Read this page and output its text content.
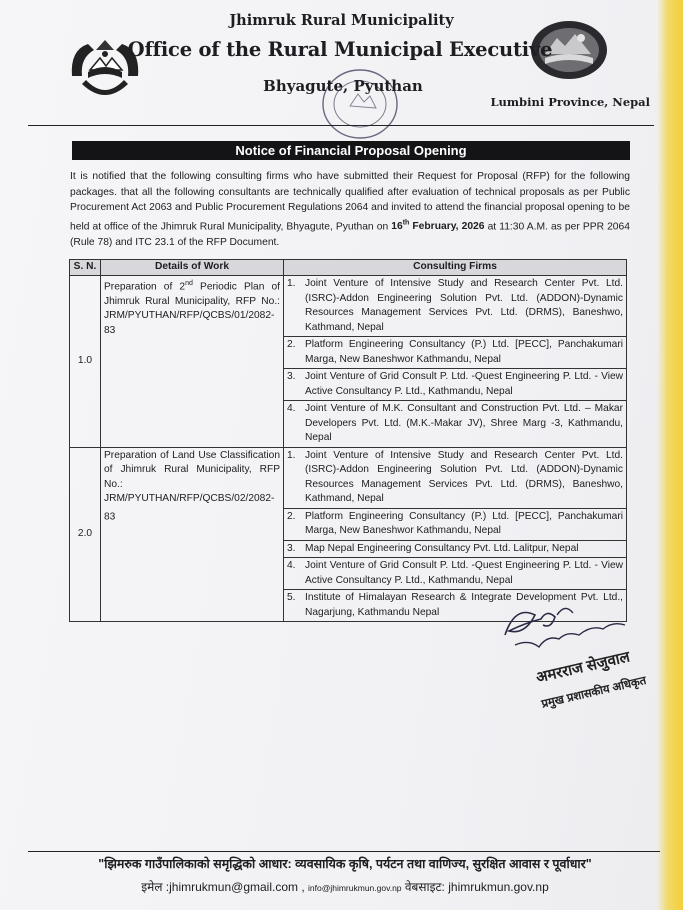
Jhimruk Rural Municipality
Office of the Rural Municipal Executive
Bhyagute, Pyuthan
Lumbini Province, Nepal
Notice of Financial Proposal Opening
It is notified that the following consulting firms who have submitted their Request for Proposal (RFP) for the following packages. that all the following consultants are technically qualified after evaluation of technical proposals as per Public Procurement Act 2063 and Public Procurement Regulations 2064 and invited to attend the financial proposal opening to be held at office of the Jhimruk Rural Municipality, Bhyagute, Pyuthan on 16th February, 2026 at 11:30 A.M. as per PPR 2064 (Rule 78) and ITC 23.1 of the RFP Document.
S. N.	Details of Work	Consulting Firms
1.0	Preparation of 2nd Periodic Plan of Jhimruk Rural Municipality, RFP No.: JRM/PYUTHAN/RFP/QCBS/01/2082-83	1. Joint Venture of Intensive Study and Research Center Pvt. Ltd. (ISRC)-Addon Engineering Solution Pvt. Ltd. (ADDON)-Dynamic Resources Management Services Pvt. Ltd. (DRMS), Baneshwo, Kathmand, Nepal

		2. Platform Engineering Consultancy (P.) Ltd. [PECC], Panchakumari Marga, New Baneshwor Kathmandu, Nepal

		3. Joint Venture of Grid Consult P. Ltd. -Quest Engineering P. Ltd. - View Active Consultancy P. Ltd., Kathmandu, Nepal

		4. Joint Venture of M.K. Consultant and Construction Pvt. Ltd. – Makar Developers Pvt. Ltd. (M.K.-Makar JV), Shree Marg -3, Kathmandu, Nepal

2.0	Preparation of Land Use Classification of Jhimruk Rural Municipality, RFP No.: JRM/PYUTHAN/RFP/QCBS/02/2082-83	1. Joint Venture of Intensive Study and Research Center Pvt. Ltd. (ISRC)-Addon Engineering Solution Pvt. Ltd. (ADDON)-Dynamic Resources Management Services Pvt. Ltd. (DRMS), Baneshwo, Kathmand, Nepal

		2. Platform Engineering Consultancy (P.) Ltd. [PECC], Panchakumari Marga, New Baneshwor Kathmandu, Nepal

		3. Map Nepal Engineering Consultancy Pvt. Ltd. Lalitpur, Nepal

		4. Joint Venture of Grid Consult P. Ltd. -Quest Engineering P. Ltd. - View Active Consultancy P. Ltd., Kathmandu, Nepal

		5. Institute of Himalayan Research & Integrate Development Pvt. Ltd., Nagarjung, Kathmandu Nepal
अमरराज सेजुवाल
प्रमुख प्रशासकीय अधिकृत
"झिमरुक गाउँपालिकाको समृद्धिको आधार: व्यवसायिक कृषि, पर्यटन तथा वाणिज्य, सुरक्षित आवास र पूर्वाधार"
इमेल :jhimrukmun@gmail.com , info@jhimrukmun.gov.np वेबसाइट: jhimrukmun.gov.np
